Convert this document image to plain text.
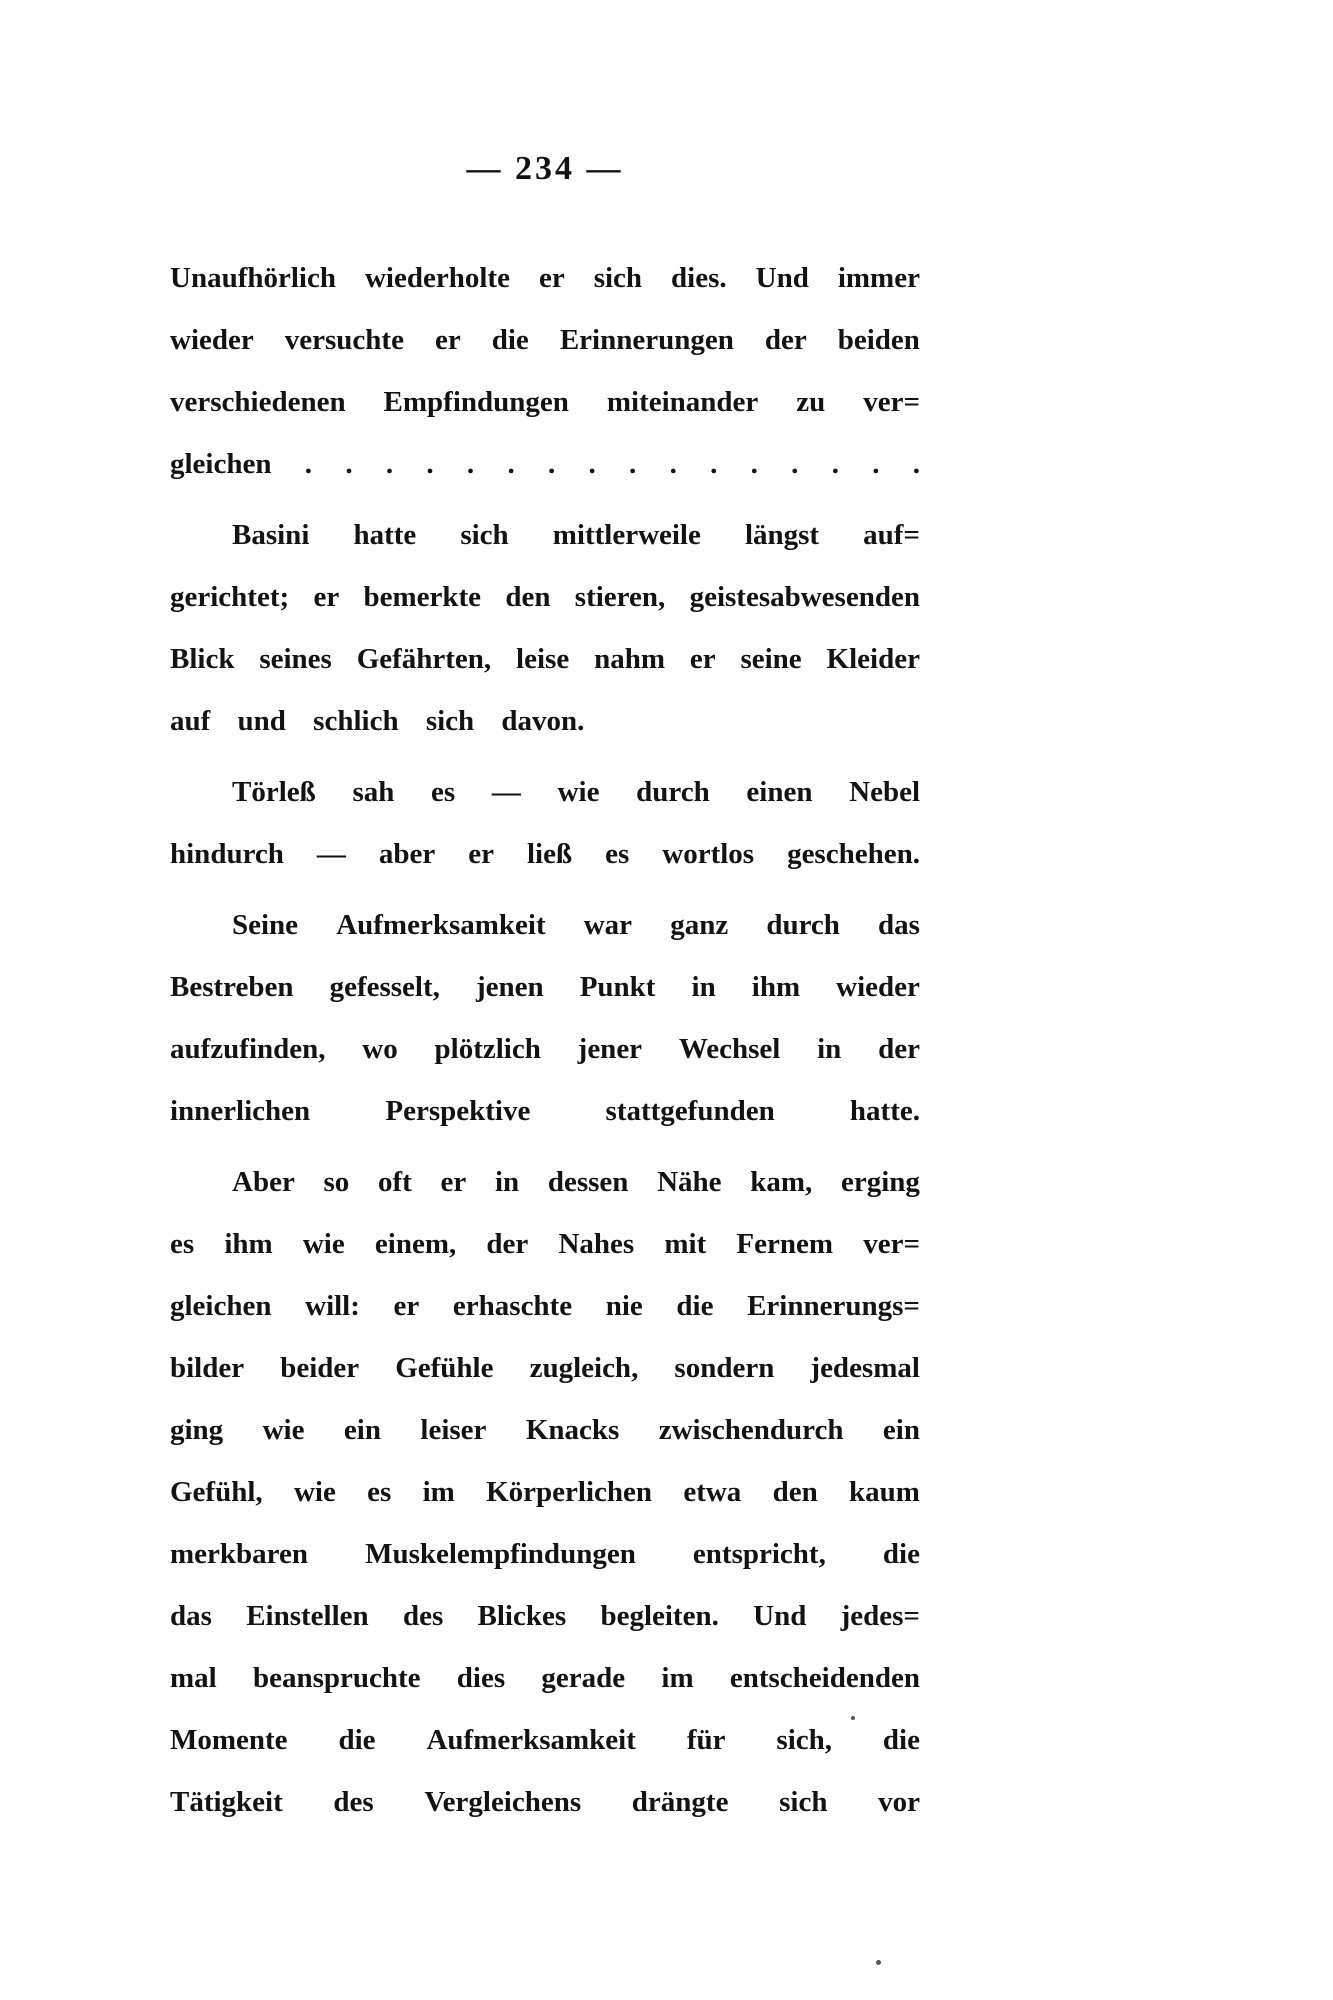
— 234 —
Unaufhörlich wiederholte er sich dies. Und immer
wieder versuchte er die Erinnerungen der beiden
verschiedenen Empfindungen miteinander zu ver=
gleichen . . . . . . . . . . . . . . . .
Basini hatte sich mittlerweile längst auf=
gerichtet; er bemerkte den stieren, geistesabwesenden
Blick seines Gefährten, leise nahm er seine Kleider
auf und schlich sich davon.
Törleß sah es — wie durch einen Nebel
hindurch — aber er ließ es wortlos geschehen.
Seine Aufmerksamkeit war ganz durch das
Bestreben gefesselt, jenen Punkt in ihm wieder
aufzufinden, wo plötzlich jener Wechsel in der
innerlichen	Perspektive	stattgefunden	hatte.
Aber so oft er in dessen Nähe kam, erging
es ihm wie einem, der Nahes mit Fernem ver=
gleichen will: er erhaschte nie die Erinnerungs=
bilder beider Gefühle zugleich, sondern jedesmal
ging wie ein leiser Knacks zwischendurch ein
Gefühl, wie es im Körperlichen etwa den kaum
merkbaren Muskelempfindungen entspricht, die
das Einstellen des Blickes begleiten. Und jedes=
mal beanspruchte dies gerade im entscheidenden
Momente die Aufmerksamkeit für sich, die
Tätigkeit des Vergleichens drängte sich vor
